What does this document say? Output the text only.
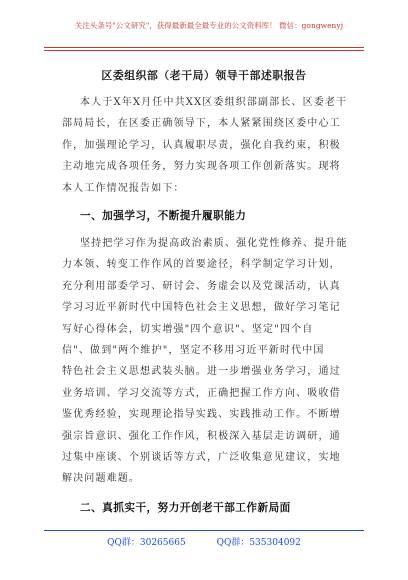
关注头条号"公文研究"，获得最新最全最专业的公文资料库！ 微信：gongwenyj
区委组织部（老干局）领导干部述职报告
本人于X年X月任中共XX区委组织部副部长、区委老干
部局局长，在区委正确领导下，本人紧紧围绕区委中心工
作，加强理论学习，认真履职尽责，强化自我约束，积极
主动地完成各项任务，努力实现各项工作创新落实。现将
本人工作情况报告如下：
一、加强学习，不断提升履职能力
坚持把学习作为提高政治素质、强化党性修养、提升能
力本领、转变工作作风的首要途径，科学制定学习计划，
充分利用部委学习、研讨会、务虚会以及党课活动，认真
学习习近平新时代中国特色社会主义思想，做好学习笔记
写好心得体会，切实增强"四个意识"、坚定"四个自
信"、做到"两个维护"，坚定不移用习近平新时代中国
特色社会主义思想武装头脑。进一步增强业务学习，通过
业务培训、学习交流等方式，正确把握工作方向、吸收借
鉴优秀经验，实现理论指导实践、实践推动工作。不断增
强宗旨意识、强化工作作风，积极深入基层走访调研，通
过集中座谈、个别谈话等方式，广泛收集意见建议，实地
解决问题难题。
二、真抓实干，努力开创老干部工作新局面
QQ群：30265665	QQ群：535304092
